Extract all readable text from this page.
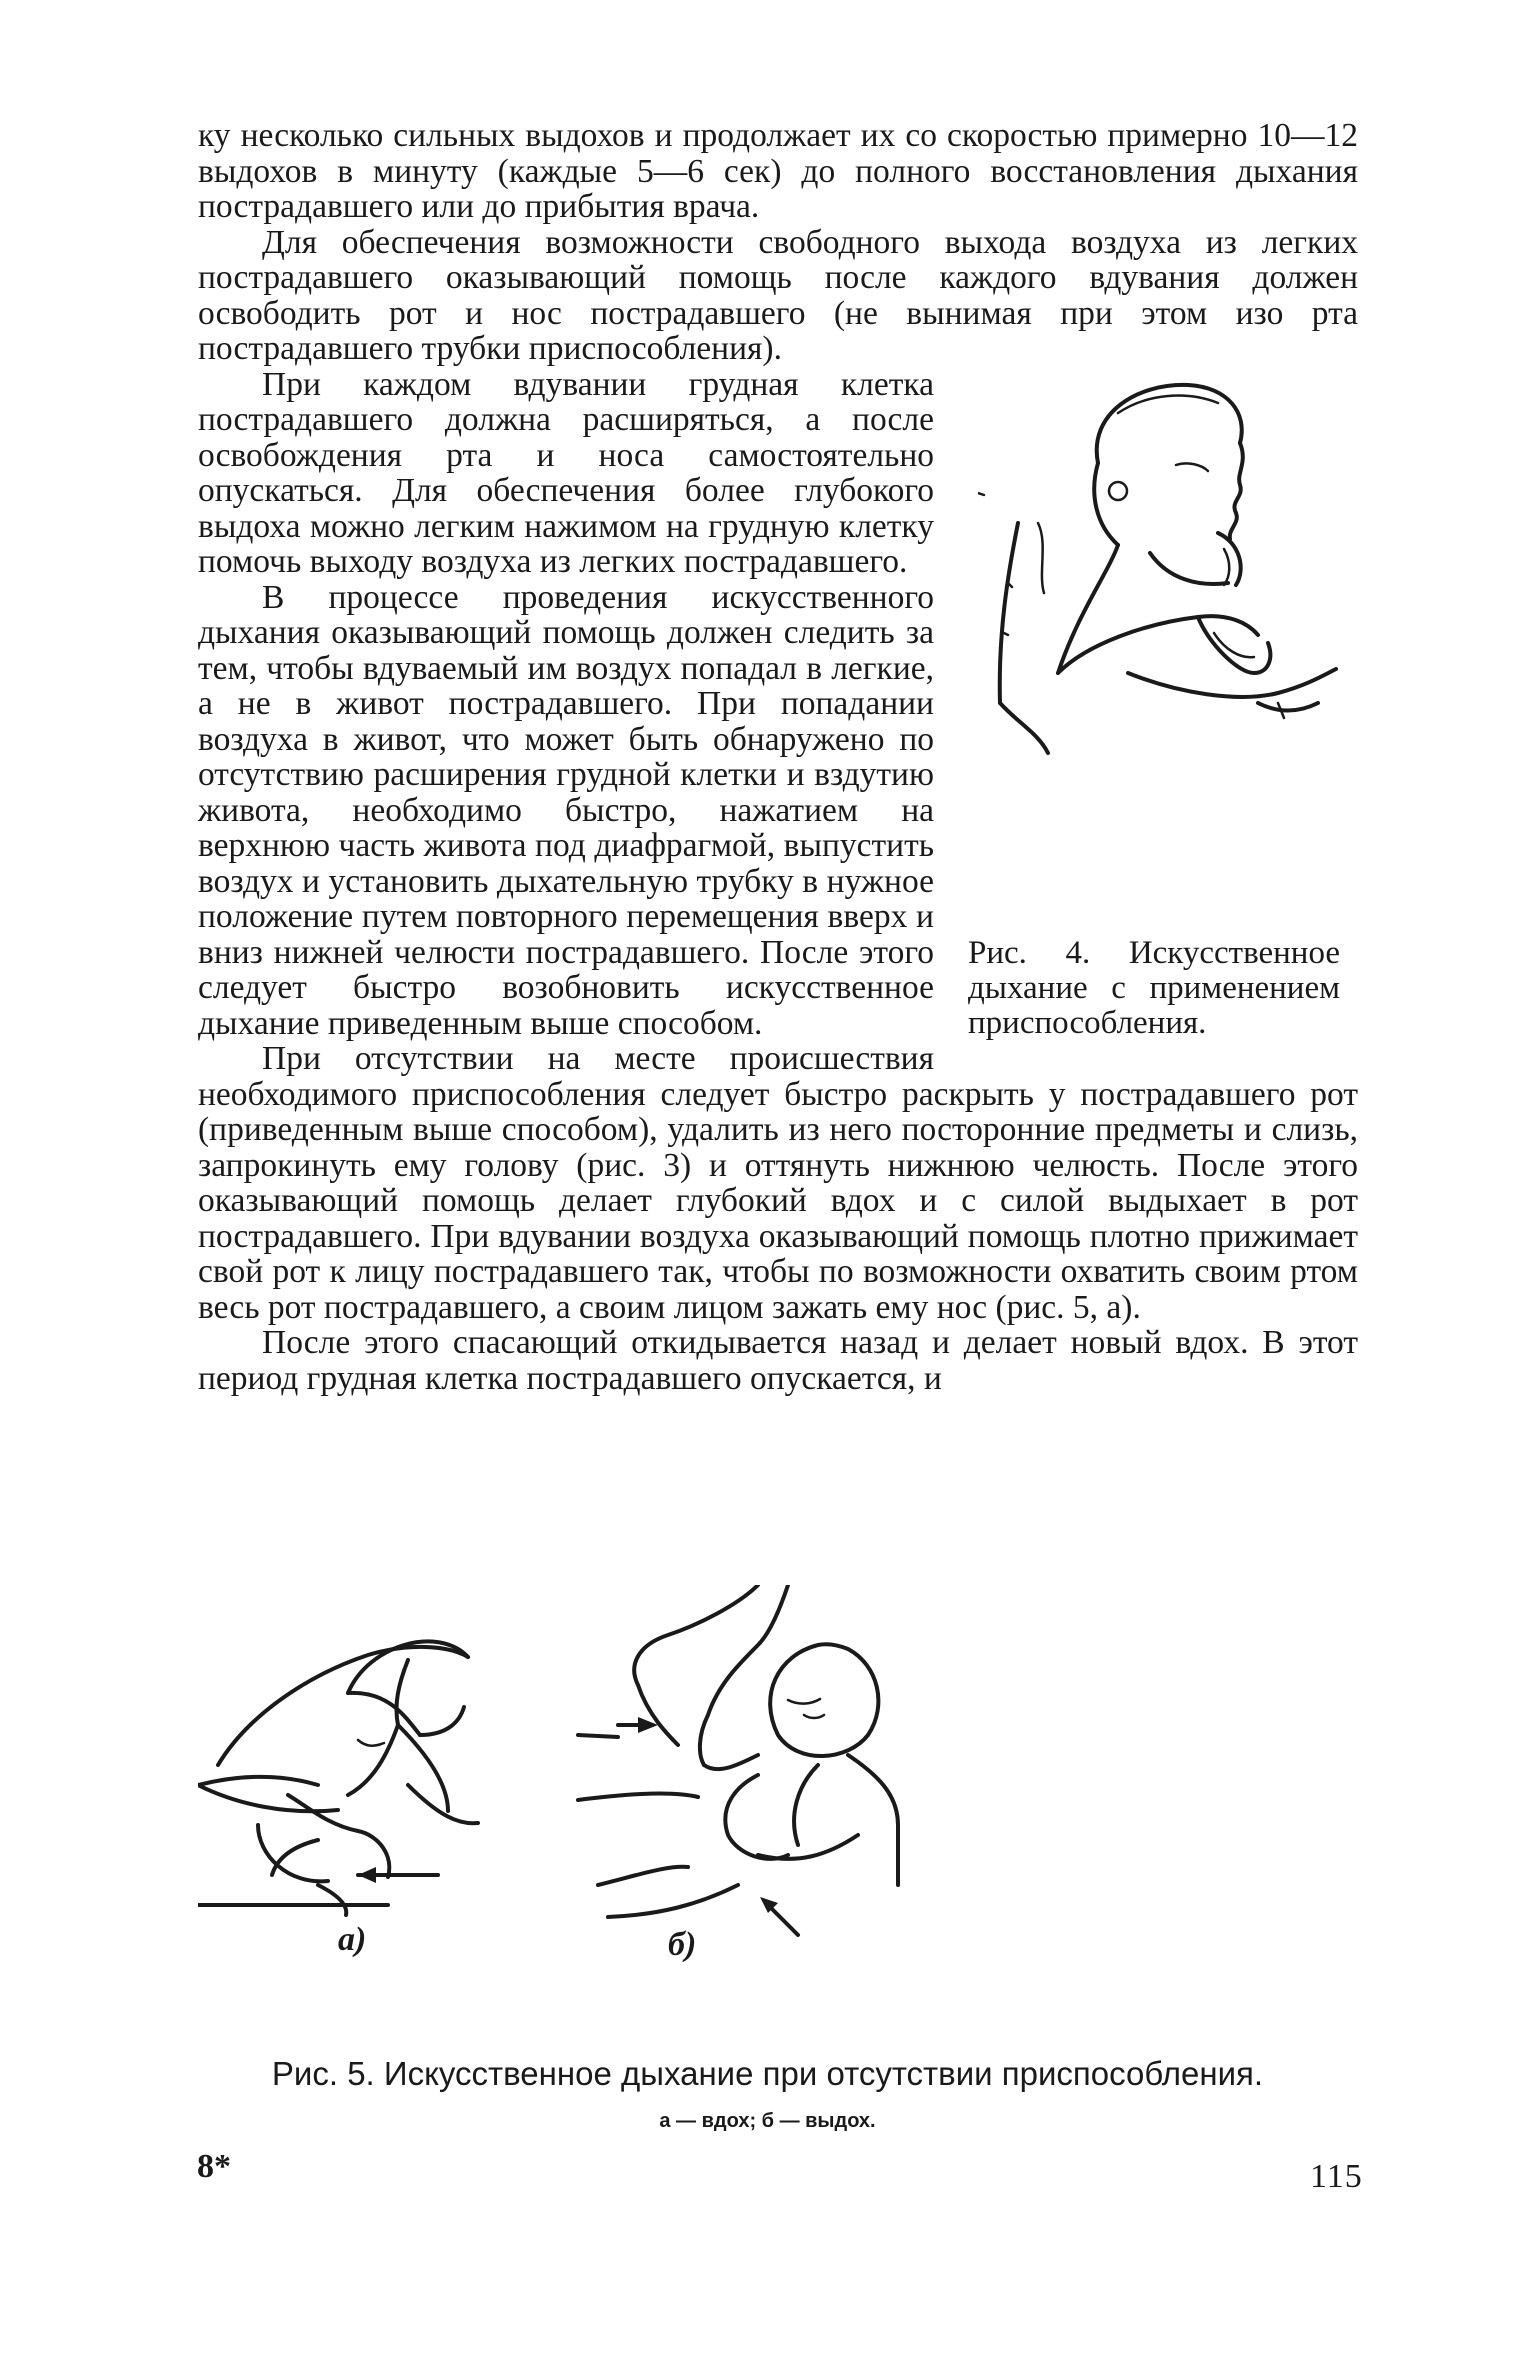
ку несколько сильных выдохов и продолжает их со скоростью примерно 10—12 выдохов в минуту (каждые 5—6 сек) до полного восстановления дыхания пострадавшего или до прибытия врача.

Для обеспечения возможности свободного выхода воздуха из легких пострадавшего оказывающий помощь после каждого вдувания должен освободить рот и нос пострадавшего (не вынимая при этом изо рта пострадавшего трубки приспособления).

Рис. 4. Искусственное дыхание с применением приспособления.

При каждом вдувании грудная клетка пострадавшего должна расширяться, а после освобождения рта и носа самостоятельно опускаться. Для обеспечения более глубокого выдоха можно легким нажимом на грудную клетку помочь выходу воздуха из легких пострадавшего.

В процессе проведения искусственного дыхания оказывающий помощь должен следить за тем, чтобы вдуваемый им воздух попадал в легкие, а не в живот пострадавшего. При попадании воздуха в живот, что может быть обнаружено по отсутствию расширения грудной клетки и вздутию живота, необходимо быстро, нажатием на верхнюю часть живота под диафрагмой, выпустить воздух и установить дыхательную трубку в нужное положение путем повторного перемещения вверх и вниз нижней челюсти пострадавшего. После этого следует быстро возобновить искусственное дыхание приведенным выше способом.

При отсутствии на месте происшествия необходимого приспособления следует быстро раскрыть у пострадавшего рот (приведенным выше способом), удалить из него посторонние предметы и слизь, запрокинуть ему голову (рис. 3) и оттянуть нижнюю челюсть. После этого оказывающий помощь делает глубокий вдох и с силой выдыхает в рот пострадавшего. При вдувании воздуха оказывающий помощь плотно прижимает свой рот к лицу пострадавшего так, чтобы по возможности охватить своим ртом весь рот пострадавшего, а своим лицом зажать ему нос (рис. 5, а).

После этого спасающий откидывается назад и делает новый вдох. В этот период грудная клетка пострадавшего опускается, и

а)	б)
Рис. 5. Искусственное дыхание при отсутствии приспособления.
а — вдох; б — выдох.
8*	115
